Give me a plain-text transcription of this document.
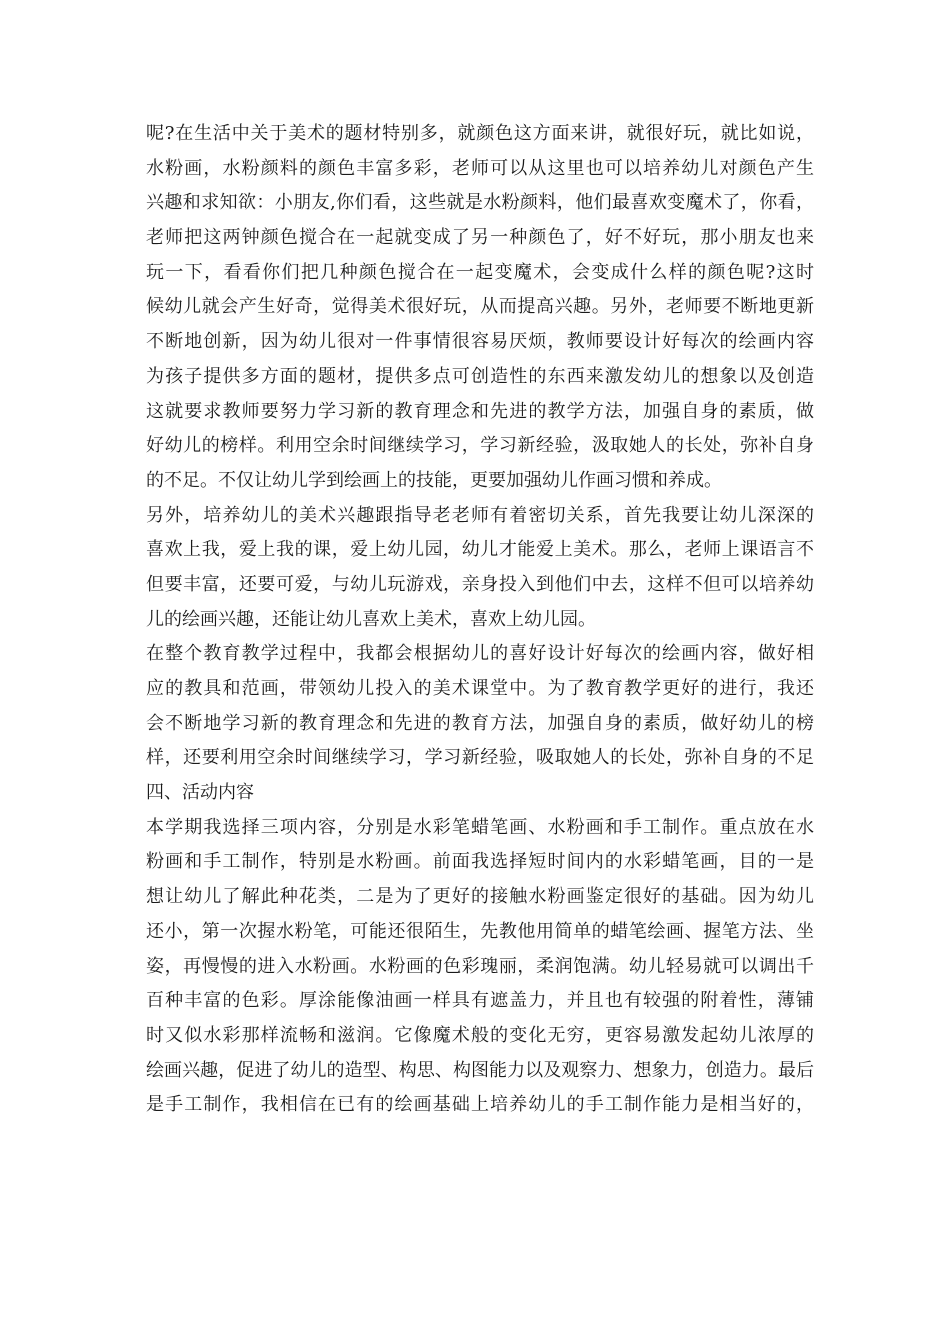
呢?在生活中关于美术的题材特别多，就颜色这方面来讲，就很好玩，就比如说，
水粉画，水粉颜料的颜色丰富多彩，老师可以从这里也可以培养幼儿对颜色产生
兴趣和求知欲：小朋友,你们看，这些就是水粉颜料，他们最喜欢变魔术了，你看，
老师把这两钟颜色搅合在一起就变成了另一种颜色了，好不好玩，那小朋友也来
玩一下，看看你们把几种颜色搅合在一起变魔术，会变成什么样的颜色呢?这时
候幼儿就会产生好奇，觉得美术很好玩，从而提高兴趣。另外，老师要不断地更新
不断地创新，因为幼儿很对一件事情很容易厌烦，教师要设计好每次的绘画内容
为孩子提供多方面的题材，提供多点可创造性的东西来激发幼儿的想象以及创造
这就要求教师要努力学习新的教育理念和先进的教学方法，加强自身的素质，做
好幼儿的榜样。利用空余时间继续学习，学习新经验，汲取她人的长处，弥补自身
的不足。不仅让幼儿学到绘画上的技能，更要加强幼儿作画习惯和养成。
另外，培养幼儿的美术兴趣跟指导老老师有着密切关系，首先我要让幼儿深深的
喜欢上我，爱上我的课，爱上幼儿园，幼儿才能爱上美术。那么，老师上课语言不
但要丰富，还要可爱，与幼儿玩游戏，亲身投入到他们中去，这样不但可以培养幼
儿的绘画兴趣，还能让幼儿喜欢上美术，喜欢上幼儿园。
在整个教育教学过程中，我都会根据幼儿的喜好设计好每次的绘画内容，做好相
应的教具和范画，带领幼儿投入的美术课堂中。为了教育教学更好的进行，我还
会不断地学习新的教育理念和先进的教育方法，加强自身的素质，做好幼儿的榜
样，还要利用空余时间继续学习，学习新经验，吸取她人的长处，弥补自身的不足
四、活动内容
本学期我选择三项内容，分别是水彩笔蜡笔画、水粉画和手工制作。重点放在水
粉画和手工制作，特别是水粉画。前面我选择短时间内的水彩蜡笔画，目的一是
想让幼儿了解此种花类，二是为了更好的接触水粉画鉴定很好的基础。因为幼儿
还小，第一次握水粉笔，可能还很陌生，先教他用简单的蜡笔绘画、握笔方法、坐
姿，再慢慢的进入水粉画。水粉画的色彩瑰丽，柔润饱满。幼儿轻易就可以调出千
百种丰富的色彩。厚涂能像油画一样具有遮盖力，并且也有较强的附着性，薄铺
时又似水彩那样流畅和滋润。它像魔术般的变化无穷，更容易激发起幼儿浓厚的
绘画兴趣，促进了幼儿的造型、构思、构图能力以及观察力、想象力，创造力。最后
是手工制作，我相信在已有的绘画基础上培养幼儿的手工制作能力是相当好的，
